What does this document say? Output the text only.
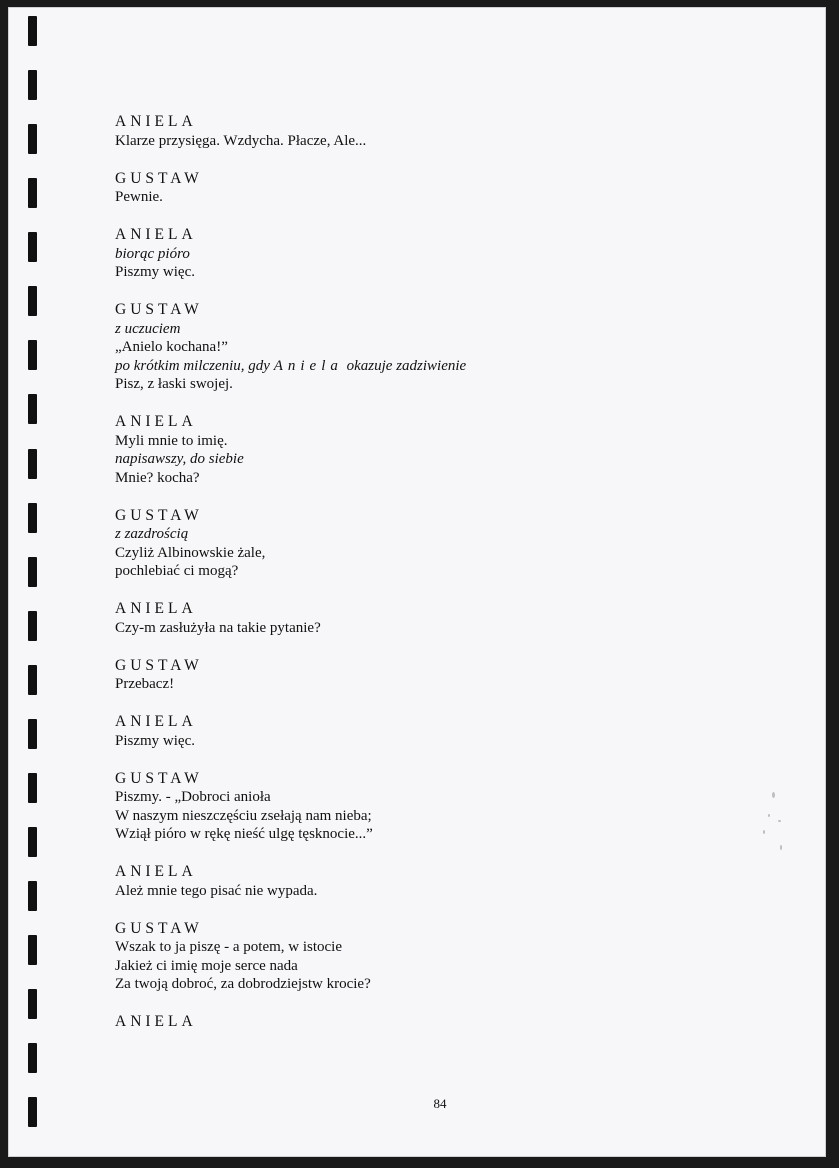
ANIELA
Klarze przysięga. Wzdycha. Płacze, Ale...
GUSTAW
Pewnie.
ANIELA
biorąc pióro
Piszmy więc.
GUSTAW
z uczuciem
„Anielo kochana!”
po krótkim milczeniu, gdy Aniela okazuje zadziwienie
Pisz, z łaski swojej.
ANIELA
Myli mnie to imię.
napisawszy, do siebie
Mnie? kocha?
GUSTAW
z zazdrością
Czyliż Albinowskie żale,
pochlebiać ci mogą?
ANIELA
Czy-m zasłużyła na takie pytanie?
GUSTAW
Przebacz!
ANIELA
Piszmy więc.
GUSTAW
Piszmy. - „Dobroci anioła
W naszym nieszczęściu zsełają nam nieba;
Wziął pióro w rękę nieść ulgę tęsknocie...”
ANIELA
Ależ mnie tego pisać nie wypada.
GUSTAW
Wszak to ja piszę - a potem, w istocie
Jakież ci imię moje serce nada
Za twoją dobroć, za dobrodziejstw krocie?
ANIELA
84
